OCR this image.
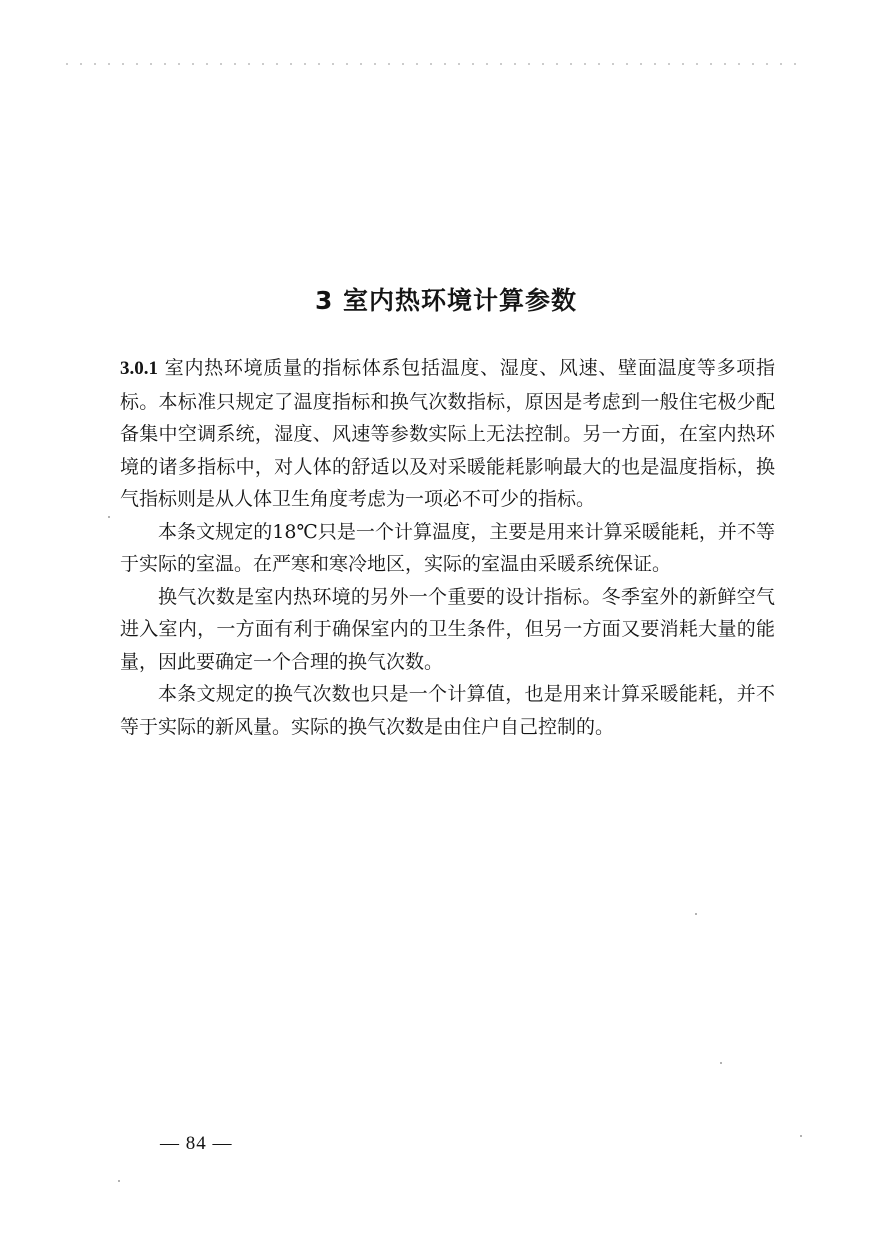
3 室内热环境计算参数

3.0.1 室内热环境质量的指标体系包括温度、湿度、风速、壁面温度等多项指标。本标准只规定了温度指标和换气次数指标，原因是考虑到一般住宅极少配备集中空调系统，湿度、风速等参数实际上无法控制。另一方面，在室内热环境的诸多指标中，对人体的舒适以及对采暖能耗影响最大的也是温度指标，换气指标则是从人体卫生角度考虑为一项必不可少的指标。

本条文规定的18℃只是一个计算温度，主要是用来计算采暖能耗，并不等于实际的室温。在严寒和寒冷地区，实际的室温由采暖系统保证。

换气次数是室内热环境的另外一个重要的设计指标。冬季室外的新鲜空气进入室内，一方面有利于确保室内的卫生条件，但另一方面又要消耗大量的能量，因此要确定一个合理的换气次数。

本条文规定的换气次数也只是一个计算值，也是用来计算采暖能耗，并不等于实际的新风量。实际的换气次数是由住户自己控制的。

— 84 —
